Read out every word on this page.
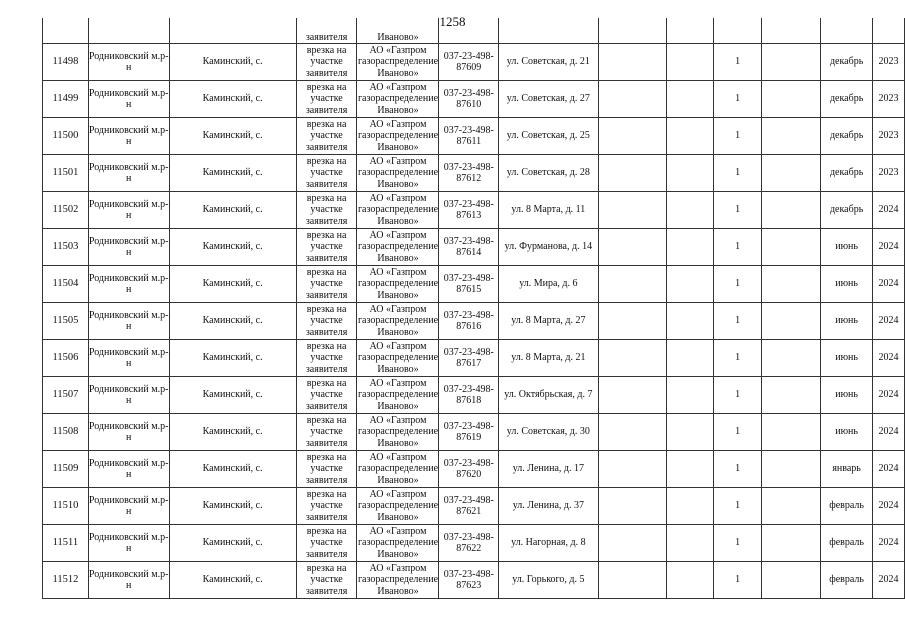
1258
			заявителя	Иваново»								
11498	Родниковский м.р-н	Каминский, с.	врезка на участке заявителя	АО «Газпром газораспределение Иваново»	037-23-498-87609	ул. Советская, д. 21			1		декабрь	2023
11499	Родниковский м.р-н	Каминский, с.	врезка на участке заявителя	АО «Газпром газораспределение Иваново»	037-23-498-87610	ул. Советская, д. 27			1		декабрь	2023
11500	Родниковский м.р-н	Каминский, с.	врезка на участке заявителя	АО «Газпром газораспределение Иваново»	037-23-498-87611	ул. Советская, д. 25			1		декабрь	2023
11501	Родниковский м.р-н	Каминский, с.	врезка на участке заявителя	АО «Газпром газораспределение Иваново»	037-23-498-87612	ул. Советская, д. 28			1		декабрь	2023
11502	Родниковский м.р-н	Каминский, с.	врезка на участке заявителя	АО «Газпром газораспределение Иваново»	037-23-498-87613	ул. 8 Марта, д. 11			1		декабрь	2024
11503	Родниковский м.р-н	Каминский, с.	врезка на участке заявителя	АО «Газпром газораспределение Иваново»	037-23-498-87614	ул. Фурманова, д. 14			1		июнь	2024
11504	Родниковский м.р-н	Каминский, с.	врезка на участке заявителя	АО «Газпром газораспределение Иваново»	037-23-498-87615	ул. Мира, д. 6			1		июнь	2024
11505	Родниковский м.р-н	Каминский, с.	врезка на участке заявителя	АО «Газпром газораспределение Иваново»	037-23-498-87616	ул. 8 Марта, д. 27			1		июнь	2024
11506	Родниковский м.р-н	Каминский, с.	врезка на участке заявителя	АО «Газпром газораспределение Иваново»	037-23-498-87617	ул. 8 Марта, д. 21			1		июнь	2024
11507	Родниковский м.р-н	Каминский, с.	врезка на участке заявителя	АО «Газпром газораспределение Иваново»	037-23-498-87618	ул. Октябрьская, д. 7			1		июнь	2024
11508	Родниковский м.р-н	Каминский, с.	врезка на участке заявителя	АО «Газпром газораспределение Иваново»	037-23-498-87619	ул. Советская, д. 30			1		июнь	2024
11509	Родниковский м.р-н	Каминский, с.	врезка на участке заявителя	АО «Газпром газораспределение Иваново»	037-23-498-87620	ул. Ленина, д. 17			1		январь	2024
11510	Родниковский м.р-н	Каминский, с.	врезка на участке заявителя	АО «Газпром газораспределение Иваново»	037-23-498-87621	ул. Ленина, д. 37			1		февраль	2024
11511	Родниковский м.р-н	Каминский, с.	врезка на участке заявителя	АО «Газпром газораспределение Иваново»	037-23-498-87622	ул. Нагорная, д. 8			1		февраль	2024
11512	Родниковский м.р-н	Каминский, с.	врезка на участке заявителя	АО «Газпром газораспределение Иваново»	037-23-498-87623	ул. Горького, д. 5			1		февраль	2024
